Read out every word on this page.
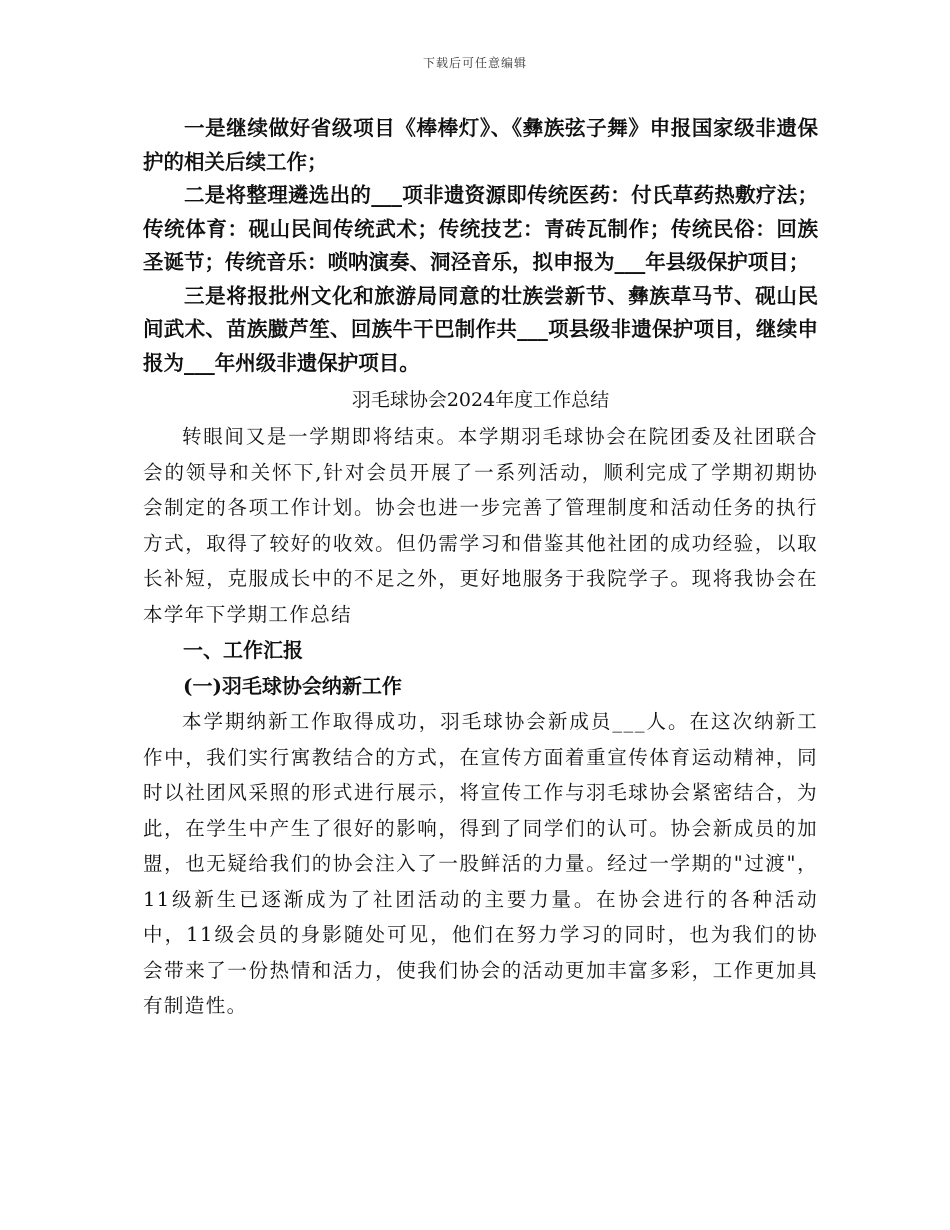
下载后可任意编辑

一是继续做好省级项目《棒棒灯》、《彝族弦子舞》申报国家级非遗保护的相关后续工作；

二是将整理遴选出的___项非遗资源即传统医药：付氏草药热敷疗法；传统体育：砚山民间传统武术；传统技艺：青砖瓦制作；传统民俗：回族圣诞节；传统音乐：唢呐演奏、洞泾音乐，拟申报为___年县级保护项目；

三是将报批州文化和旅游局同意的壮族尝新节、彝族草马节、砚山民间武术、苗族臌芦笙、回族牛干巴制作共___项县级非遗保护项目，继续申报为___年州级非遗保护项目。

羽毛球协会2024年度工作总结

转眼间又是一学期即将结束。本学期羽毛球协会在院团委及社团联合会的领导和关怀下,针对会员开展了一系列活动，顺利完成了学期初期协会制定的各项工作计划。协会也进一步完善了管理制度和活动任务的执行方式，取得了较好的收效。但仍需学习和借鉴其他社团的成功经验，以取长补短，克服成长中的不足之外，更好地服务于我院学子。现将我协会在本学年下学期工作总结

一、工作汇报

(一)羽毛球协会纳新工作

本学期纳新工作取得成功，羽毛球协会新成员___人。在这次纳新工作中，我们实行寓教结合的方式，在宣传方面着重宣传体育运动精神，同时以社团风采照的形式进行展示，将宣传工作与羽毛球协会紧密结合，为此，在学生中产生了很好的影响，得到了同学们的认可。协会新成员的加盟，也无疑给我们的协会注入了一股鲜活的力量。经过一学期的"过渡"，11级新生已逐渐成为了社团活动的主要力量。在协会进行的各种活动中，11级会员的身影随处可见，他们在努力学习的同时，也为我们的协会带来了一份热情和活力，使我们协会的活动更加丰富多彩，工作更加具有制造性。
